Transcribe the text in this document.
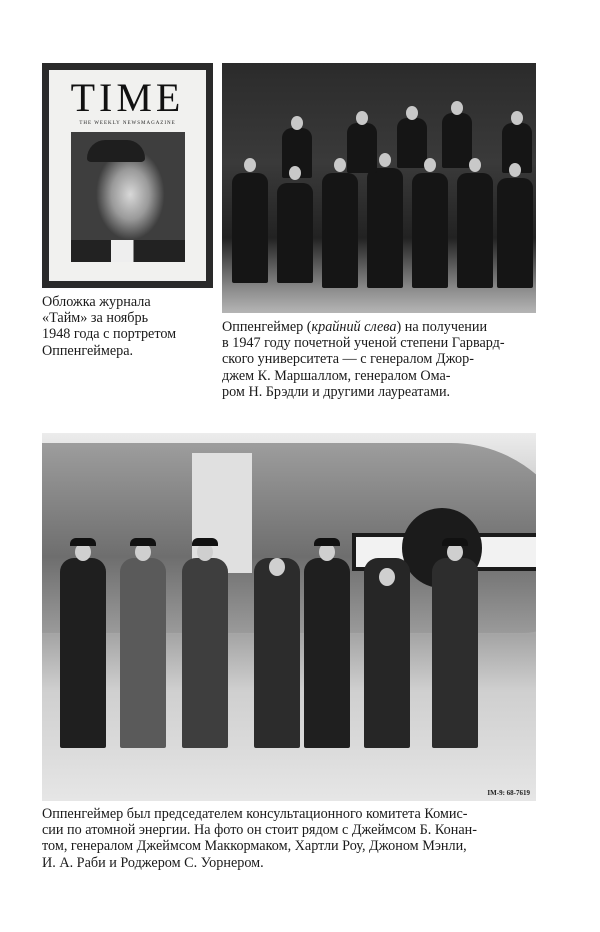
TIME
THE WEEKLY NEWSMAGAZINE
Обложка журнала
«Тайм» за ноябрь
1948 года с портретом
Оппенгеймера.
Оппенгеймер (крайний слева) на получении
в 1947 году почетной ученой степени Гарвард-
ского университета — с генералом Джор-
джем К. Маршаллом, генералом Ома-
ром Н. Брэдли и другими лауреатами.
IM-9: 68-7619
Оппенгеймер был председателем консультационного комитета Комис-
сии по атомной энергии. На фото он стоит рядом с Джеймсом Б. Конан-
том, генералом Джеймсом Маккормаком, Хартли Роу, Джоном Мэнли,
И. А. Раби и Роджером С. Уорнером.
